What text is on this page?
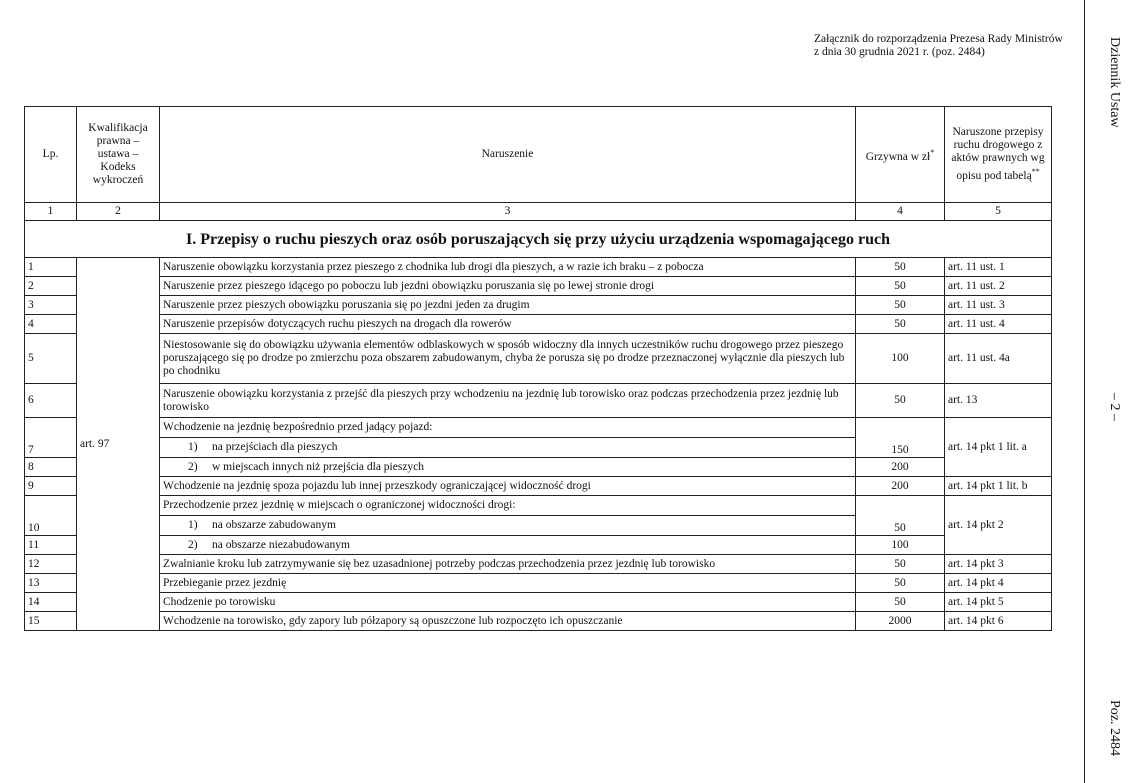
Załącznik do rozporządzenia Prezesa Rady Ministrów
z dnia 30 grudnia 2021 r. (poz. 2484)	Dziennik Ustaw
– 2 –
Poz. 2484
Lp.	Kwalifikacja prawna – ustawa – Kodeks wykroczeń	Naruszenie	Grzywna w zł*	Naruszone przepisy ruchu drogowego z aktów prawnych wg opisu pod tabelą**
1	2	3	4	5
I. Przepisy o ruchu pieszych oraz osób poruszających się przy użyciu urządzenia wspomagającego ruch				
1	art. 97	Naruszenie obowiązku korzystania przez pieszego z chodnika lub drogi dla pieszych, a w razie ich braku – z pobocza	50	art. 11 ust. 1
2		Naruszenie przez pieszego idącego po poboczu lub jezdni obowiązku poruszania się po lewej stronie drogi	50	art. 11 ust. 2
3		Naruszenie przez pieszych obowiązku poruszania się po jezdni jeden za drugim	50	art. 11 ust. 3
4		Naruszenie przepisów dotyczących ruchu pieszych na drogach dla rowerów	50	art. 11 ust. 4
5		Niestosowanie się do obowiązku używania elementów odblaskowych w sposób widoczny dla innych uczestników ruchu drogowego przez pieszego poruszającego się po drodze po zmierzchu poza obszarem zabudowanym, chyba że porusza się po drodze przeznaczonej wyłącznie dla pieszych lub po chodniku	100	art. 11 ust. 4a
6		Naruszenie obowiązku korzystania z przejść dla pieszych przy wchodzeniu na jezdnię lub torowisko oraz podczas przechodzenia przez jezdnię lub torowisko	50	art. 13
7		Wchodzenie na jezdnię bezpośrednio przed jadący pojazd:	150	art. 14 pkt 1 lit. a
		1) na przejściach dla pieszych		
8		2) w miejscach innych niż przejścia dla pieszych	200	
9		Wchodzenie na jezdnię spoza pojazdu lub innej przeszkody ograniczającej widoczność drogi	200	art. 14 pkt 1 lit. b
10		Przechodzenie przez jezdnię w miejscach o ograniczonej widoczności drogi:	50	art. 14 pkt 2
		1) na obszarze zabudowanym		
11		2) na obszarze niezabudowanym	100	
12		Zwalnianie kroku lub zatrzymywanie się bez uzasadnionej potrzeby podczas przechodzenia przez jezdnię lub torowisko	50	art. 14 pkt 3
13		Przebieganie przez jezdnię	50	art. 14 pkt 4
14		Chodzenie po torowisku	50	art. 14 pkt 5
15		Wchodzenie na torowisko, gdy zapory lub półzapory są opuszczone lub rozpoczęto ich opuszczanie	2000	art. 14 pkt 6
